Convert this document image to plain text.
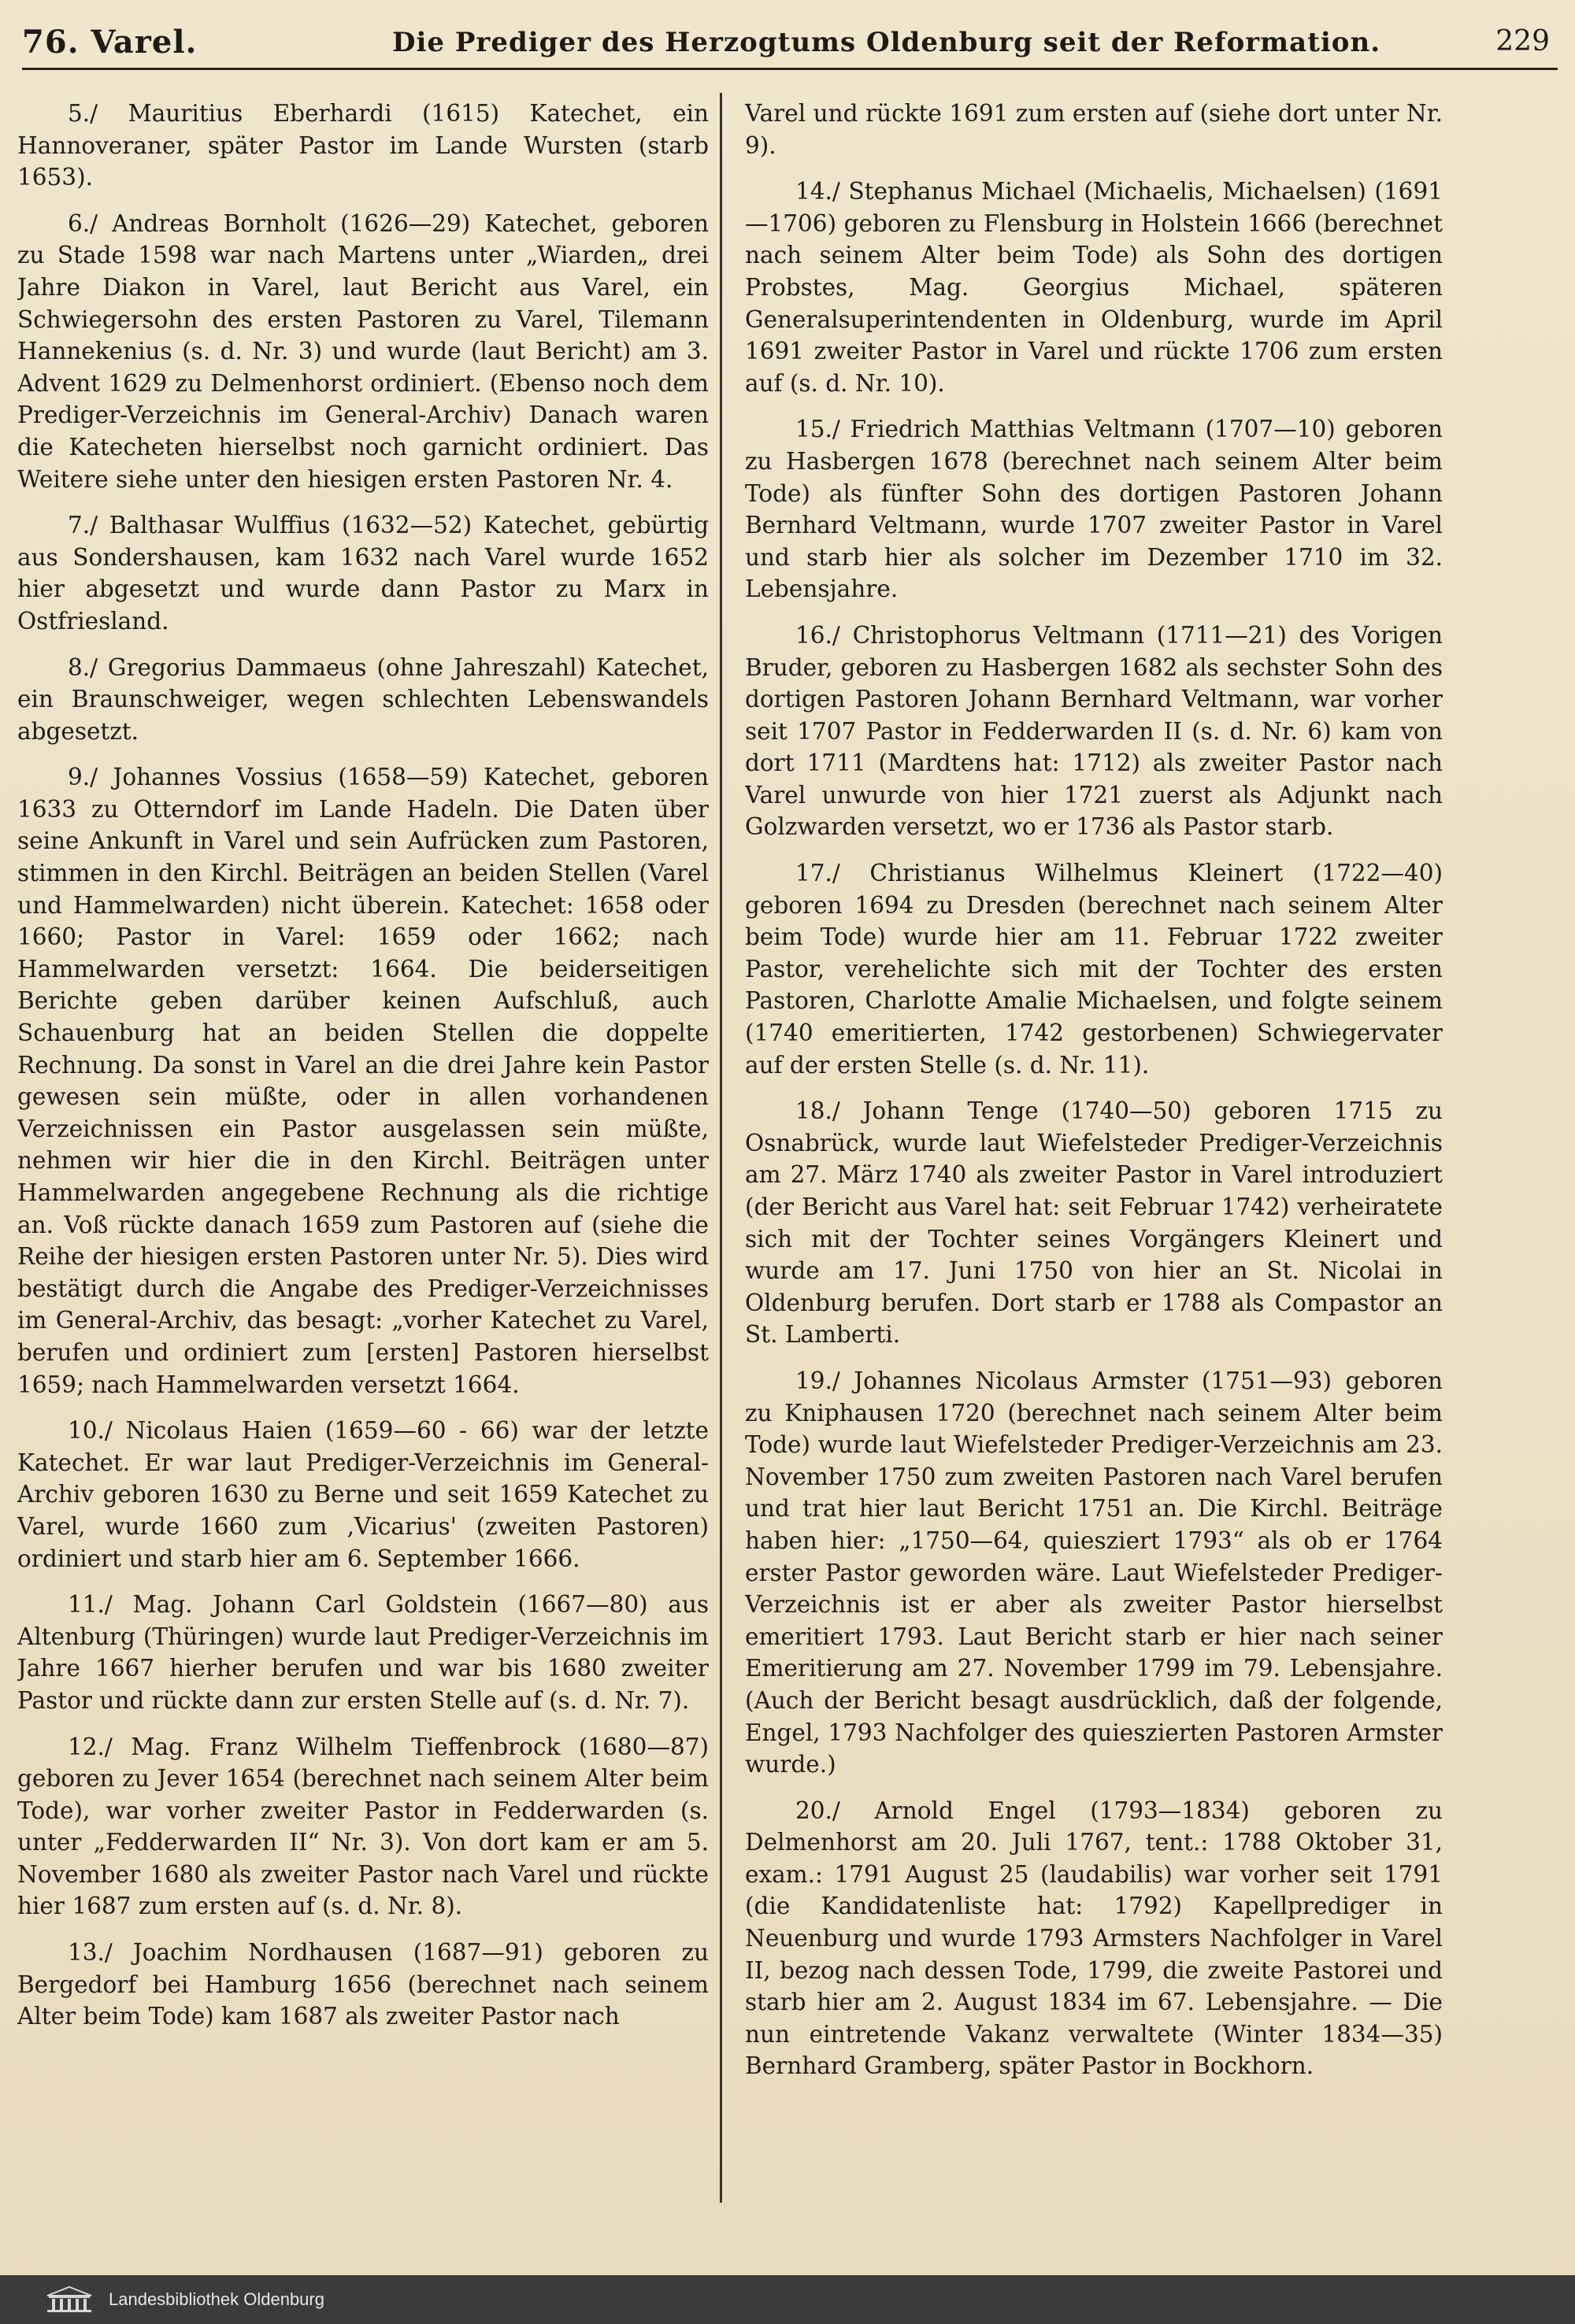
76. Varel.	Die Prediger des Herzogtums Oldenburg seit der Reformation.	229

5./ Mauritius Eberhardi (1615) Katechet, ein Hannoveraner, später Pastor im Lande Wursten (starb 1653).

6./ Andreas Bornholt (1626—29) Katechet, geboren zu Stade 1598 war nach Martens unter „Wiarden„ drei Jahre Diakon in Varel, laut Bericht aus Varel, ein Schwiegersohn des ersten Pastoren zu Varel, Tilemann Hannekenius (s. d. Nr. 3) und wurde (laut Bericht) am 3. Advent 1629 zu Delmenhorst ordiniert. (Ebenso noch dem Prediger-Verzeichnis im General-Archiv) Danach waren die Katecheten hierselbst noch garnicht ordiniert. Das Weitere siehe unter den hiesigen ersten Pastoren Nr. 4.

7./ Balthasar Wulffius (1632—52) Katechet, gebürtig aus Sondershausen, kam 1632 nach Varel wurde 1652 hier abgesetzt und wurde dann Pastor zu Marx in Ostfriesland.

8./ Gregorius Dammaeus (ohne Jahreszahl) Katechet, ein Braunschweiger, wegen schlechten Lebenswandels abgesetzt.

9./ Johannes Vossius (1658—59) Katechet, geboren 1633 zu Otterndorf im Lande Hadeln. Die Daten über seine Ankunft in Varel und sein Aufrücken zum Pastoren, stimmen in den Kirchl. Beiträgen an beiden Stellen (Varel und Hammelwarden) nicht überein. Katechet: 1658 oder 1660; Pastor in Varel: 1659 oder 1662; nach Hammelwarden versetzt: 1664. Die beiderseitigen Berichte geben darüber keinen Aufschluß, auch Schauenburg hat an beiden Stellen die doppelte Rechnung. Da sonst in Varel an die drei Jahre kein Pastor gewesen sein müßte, oder in allen vorhandenen Verzeichnissen ein Pastor ausgelassen sein müßte, nehmen wir hier die in den Kirchl. Beiträgen unter Hammelwarden angegebene Rechnung als die richtige an. Voß rückte danach 1659 zum Pastoren auf (siehe die Reihe der hiesigen ersten Pastoren unter Nr. 5). Dies wird bestätigt durch die Angabe des Prediger-Verzeichnisses im General-Archiv, das besagt: „vorher Katechet zu Varel, berufen und ordiniert zum [ersten] Pastoren hierselbst 1659; nach Hammelwarden versetzt 1664.

10./ Nicolaus Haien (1659—60 - 66) war der letzte Katechet. Er war laut Prediger-Verzeichnis im General-Archiv geboren 1630 zu Berne und seit 1659 Katechet zu Varel, wurde 1660 zum ‚Vicarius' (zweiten Pastoren) ordiniert und starb hier am 6. September 1666.

11./ Mag. Johann Carl Goldstein (1667—80) aus Altenburg (Thüringen) wurde laut Prediger-Verzeichnis im Jahre 1667 hierher berufen und war bis 1680 zweiter Pastor und rückte dann zur ersten Stelle auf (s. d. Nr. 7).

12./ Mag. Franz Wilhelm Tieffenbrock (1680—87) geboren zu Jever 1654 (berechnet nach seinem Alter beim Tode), war vorher zweiter Pastor in Fedderwarden (s. unter „Fedderwarden II“ Nr. 3). Von dort kam er am 5. November 1680 als zweiter Pastor nach Varel und rückte hier 1687 zum ersten auf (s. d. Nr. 8).

13./ Joachim Nordhausen (1687—91) geboren zu Bergedorf bei Hamburg 1656 (berechnet nach seinem Alter beim Tode) kam 1687 als zweiter Pastor nach

Varel und rückte 1691 zum ersten auf (siehe dort unter Nr. 9).

14./ Stephanus Michael (Michaelis, Michaelsen) (1691—1706) geboren zu Flensburg in Holstein 1666 (berechnet nach seinem Alter beim Tode) als Sohn des dortigen Probstes, Mag. Georgius Michael, späteren Generalsuperintendenten in Oldenburg, wurde im April 1691 zweiter Pastor in Varel und rückte 1706 zum ersten auf (s. d. Nr. 10).

15./ Friedrich Matthias Veltmann (1707—10) geboren zu Hasbergen 1678 (berechnet nach seinem Alter beim Tode) als fünfter Sohn des dortigen Pastoren Johann Bernhard Veltmann, wurde 1707 zweiter Pastor in Varel und starb hier als solcher im Dezember 1710 im 32. Lebensjahre.

16./ Christophorus Veltmann (1711—21) des Vorigen Bruder, geboren zu Hasbergen 1682 als sechster Sohn des dortigen Pastoren Johann Bernhard Veltmann, war vorher seit 1707 Pastor in Fedderwarden II (s. d. Nr. 6) kam von dort 1711 (Mardtens hat: 1712) als zweiter Pastor nach Varel unwurde von hier 1721 zuerst als Adjunkt nach Golzwarden versetzt, wo er 1736 als Pastor starb.

17./ Christianus Wilhelmus Kleinert (1722—40) geboren 1694 zu Dresden (berechnet nach seinem Alter beim Tode) wurde hier am 11. Februar 1722 zweiter Pastor, verehelichte sich mit der Tochter des ersten Pastoren, Charlotte Amalie Michaelsen, und folgte seinem (1740 emeritierten, 1742 gestorbenen) Schwiegervater auf der ersten Stelle (s. d. Nr. 11).

18./ Johann Tenge (1740—50) geboren 1715 zu Osnabrück, wurde laut Wiefelsteder Prediger-Verzeichnis am 27. März 1740 als zweiter Pastor in Varel introduziert (der Bericht aus Varel hat: seit Februar 1742) verheiratete sich mit der Tochter seines Vorgängers Kleinert und wurde am 17. Juni 1750 von hier an St. Nicolai in Oldenburg berufen. Dort starb er 1788 als Compastor an St. Lamberti.

19./ Johannes Nicolaus Armster (1751—93) geboren zu Kniphausen 1720 (berechnet nach seinem Alter beim Tode) wurde laut Wiefelsteder Prediger-Verzeichnis am 23. November 1750 zum zweiten Pastoren nach Varel berufen und trat hier laut Bericht 1751 an. Die Kirchl. Beiträge haben hier: „1750—64, quiesziert 1793“ als ob er 1764 erster Pastor geworden wäre. Laut Wiefelsteder Prediger-Verzeichnis ist er aber als zweiter Pastor hierselbst emeritiert 1793. Laut Bericht starb er hier nach seiner Emeritierung am 27. November 1799 im 79. Lebensjahre. (Auch der Bericht besagt ausdrücklich, daß der folgende, Engel, 1793 Nachfolger des quieszierten Pastoren Armster wurde.)

20./ Arnold Engel (1793—1834) geboren zu Delmenhorst am 20. Juli 1767, tent.: 1788 Oktober 31, exam.: 1791 August 25 (laudabilis) war vorher seit 1791 (die Kandidatenliste hat: 1792) Kapellprediger in Neuenburg und wurde 1793 Armsters Nachfolger in Varel II, bezog nach dessen Tode, 1799, die zweite Pastorei und starb hier am 2. August 1834 im 67. Lebensjahre. — Die nun eintretende Vakanz verwaltete (Winter 1834—35) Bernhard Gramberg, später Pastor in Bockhorn.

Landesbibliothek Oldenburg
